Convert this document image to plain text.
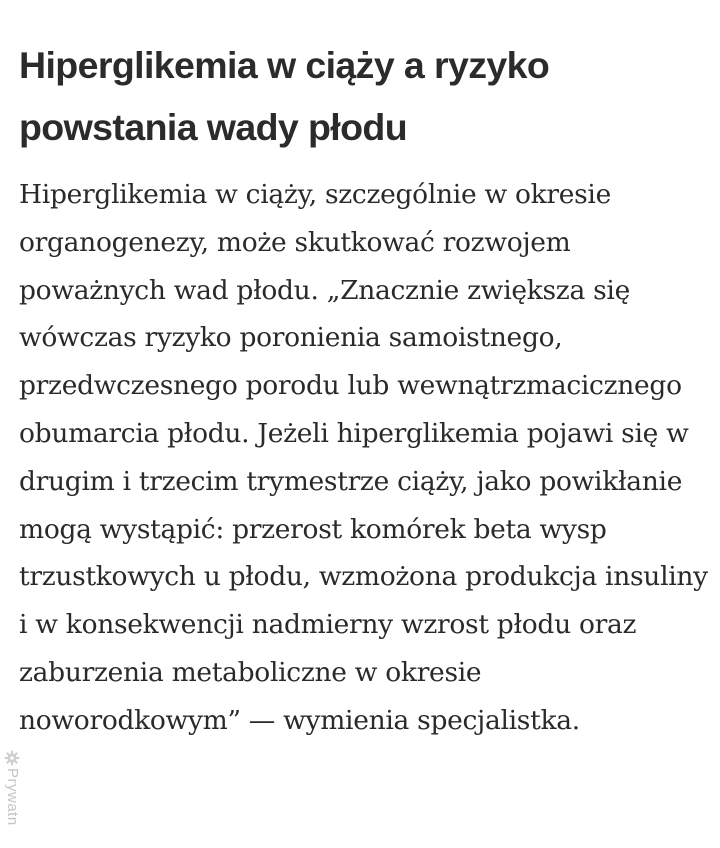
Hiperglikemia w ciąży a ryzyko powstania wady płodu

Hiperglikemia w ciąży, szczególnie w okresie organogenezy, może skutkować rozwojem poważnych wad płodu. „Znacznie zwiększa się wówczas ryzyko poronienia samoistnego, przedwczesnego porodu lub wewnątrzmacicznego obumarcia płodu. Jeżeli hiperglikemia pojawi się w drugim i trzecim trymestrze ciąży, jako powikłanie mogą wystąpić: przerost komórek beta wysp trzustkowych u płodu, wzmożona produkcja insuliny i w konsekwencji nadmierny wzrost płodu oraz zaburzenia metaboliczne w okresie noworodkowym” — wymienia specjalistka.

Prywatn
